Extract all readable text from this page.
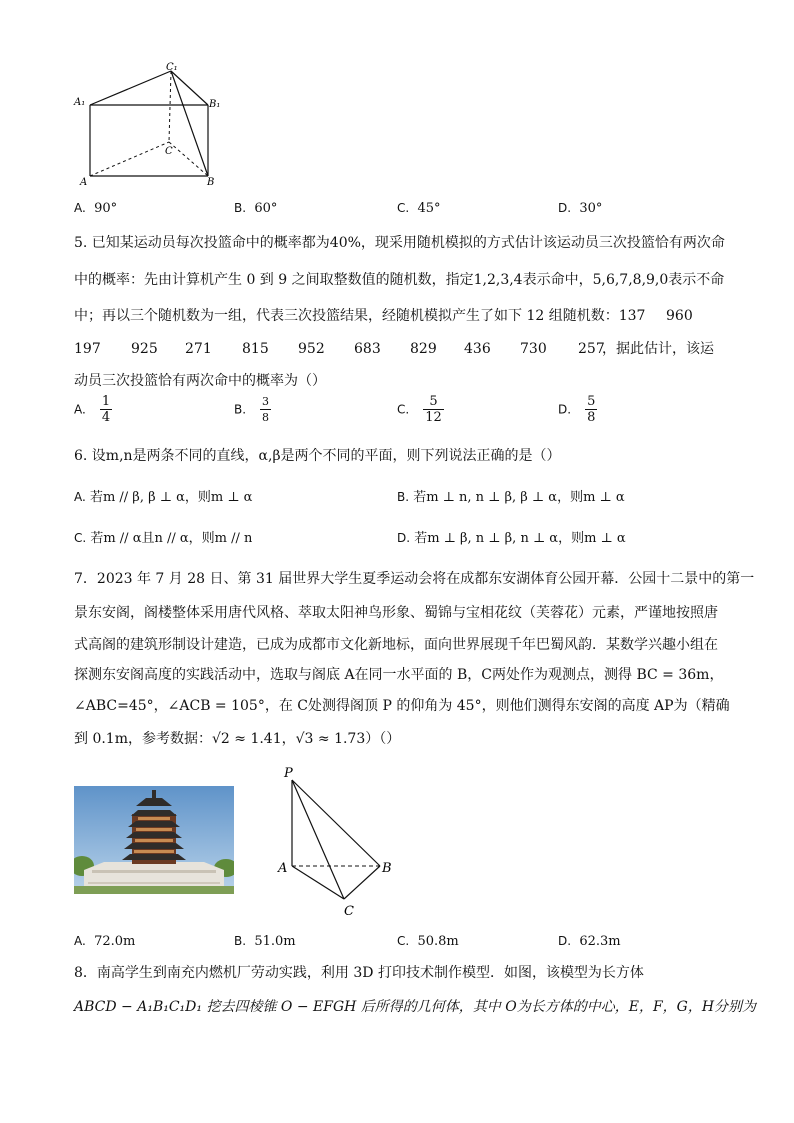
C₁
A₁	B₁
C
A	B
A. 90°	B. 60°	C. 45°	D. 30°
5. 已知某运动员每次投篮命中的概率都为40%，现采用随机模拟的方式估计该运动员三次投篮恰有两次命
中的概率：先由计算机产生 0 到 9 之间取整数值的随机数，指定1,2,3,4表示命中，5,6,7,8,9,0表示不命
中；再以三个随机数为一组，代表三次投篮结果，经随机模拟产生了如下 12 组随机数：137 960
197 925 271 815 952 683 829 436 730 257
，据此估计，该运
动员三次投篮恰有两次命中的概率为（）
A. $\frac{1}{4}$	B. $\frac{3}{8}$	C. $\frac{5}{12}$	D. $\frac{5}{8}$
6. 设m,n是两条不同的直线，α,β是两个不同的平面，则下列说法正确的是（）
A. 若m // β, β ⊥ α，则m ⊥ α	B. 若m ⊥ n, n ⊥ β, β ⊥ α，则m ⊥ α
C. 若m // α且n // α，则m // n	D. 若m ⊥ β, n ⊥ β, n ⊥ α，则m ⊥ α
7．2023 年 7 月 28 日、第 31 届世界大学生夏季运动会将在成都东安湖体育公园开幕．公园十二景中的第一
景东安阁，阁楼整体采用唐代风格、萃取太阳神鸟形象、蜀锦与宝相花纹（芙蓉花）元素，严谨地按照唐
式高阁的建筑形制设计建造，已成为成都市文化新地标，面向世界展现千年巴蜀风韵．某数学兴趣小组在
探测东安阁高度的实践活动中，选取与阁底 A在同一水平面的 B，C两处作为观测点，测得 BC = 36m，
∠ABC=45°，∠ACB = 105°，在 C处测得阁顶 P 的仰角为 45°，则他们测得东安阁的高度 AP为（精确
到 0.1m，参考数据：√2 ≈ 1.41，√3 ≈ 1.73）（）
P
A	B
C
A. 72.0m	B. 51.0m	C. 50.8m	D. 62.3m
8．南高学生到南充内燃机厂劳动实践，利用 3D 打印技术制作模型．如图，该模型为长方体
ABCD − A₁B₁C₁D₁ 挖去四棱锥 O − EFGH 后所得的几何体，其中 O为长方体的中心，E，F，G，H分别为
